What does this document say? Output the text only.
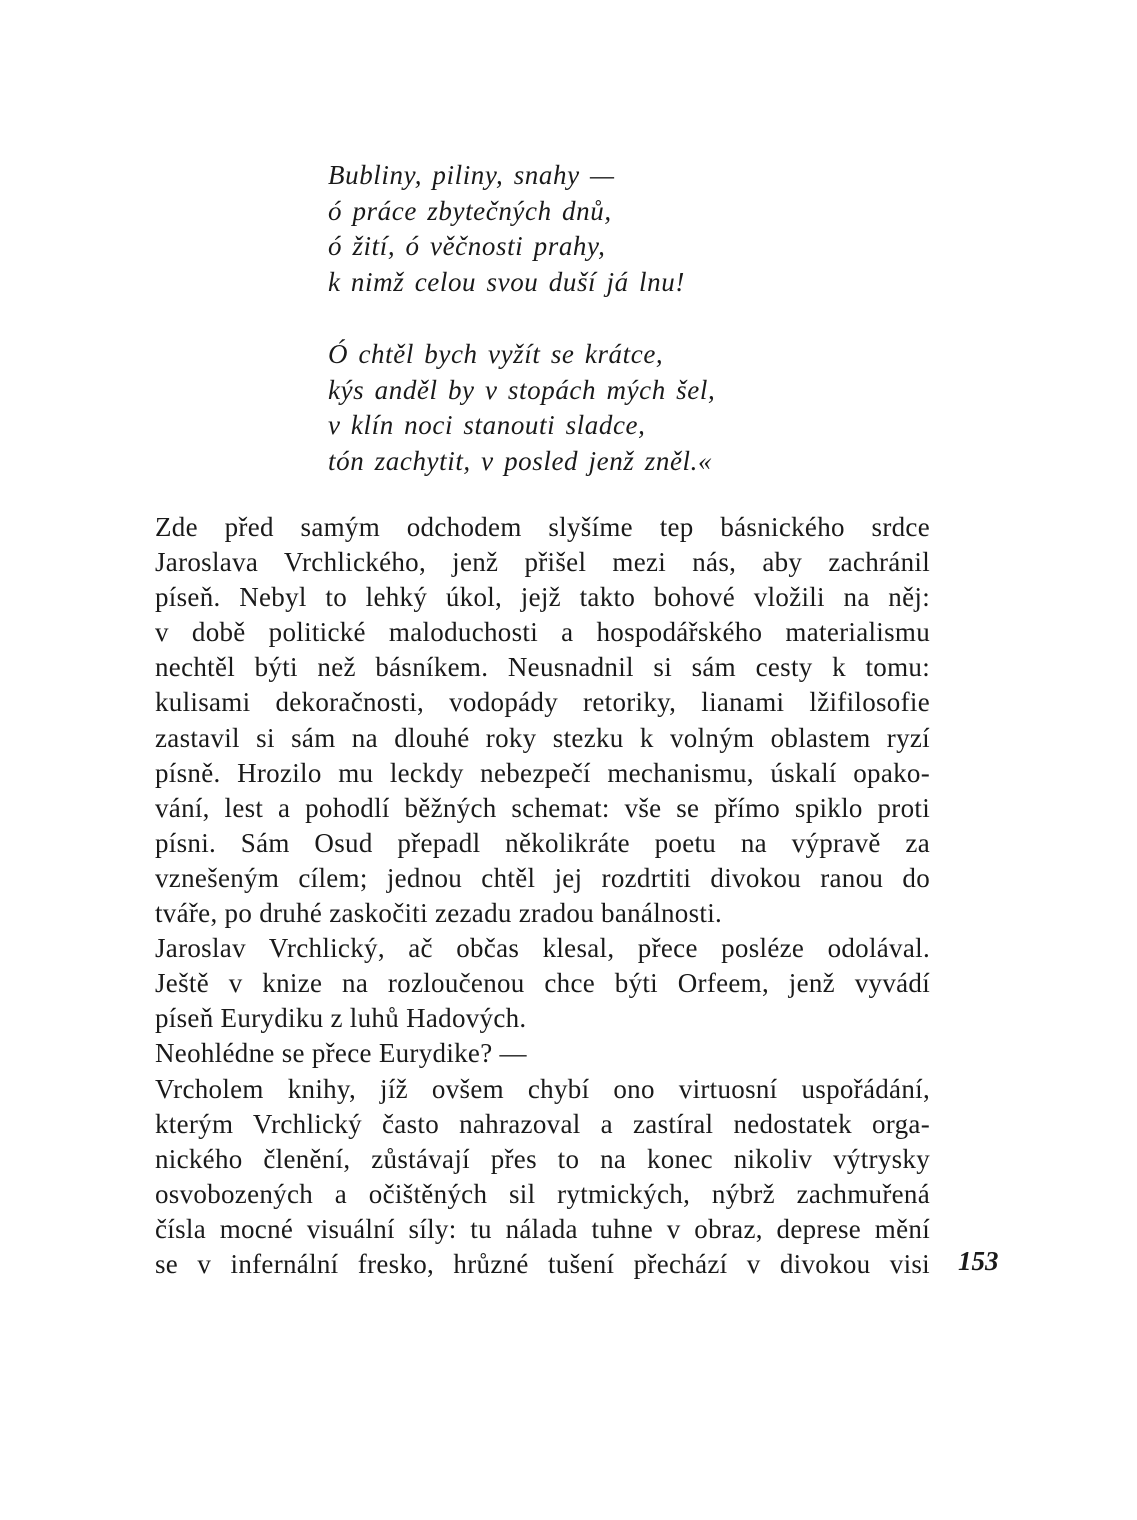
Bubliny, piliny, snahy —
ó práce zbytečných dnů,
ó žití, ó věčnosti prahy,
k nimž celou svou duší já lnu!
Ó chtěl bych vyžít se krátce,
kýs anděl by v stopách mých šel,
v klín noci stanouti sladce,
tón zachytit, v posled jenž zněl.«
Zde před samým odchodem slyšíme tep básnického srdce
Jaroslava Vrchlického, jenž přišel mezi nás, aby zachránil
píseň. Nebyl to lehký úkol, jejž takto bohové vložili na něj:
v době politické maloduchosti a hospodářského materialismu
nechtěl býti než básníkem. Neusnadnil si sám cesty k tomu:
kulisami dekoračnosti, vodopády retoriky, lianami lžifilosofie
zastavil si sám na dlouhé roky stezku k volným oblastem ryzí
písně. Hrozilo mu leckdy nebezpečí mechanismu, úskalí opako-
vání, lest a pohodlí běžných schemat: vše se přímo spiklo proti
písni. Sám Osud přepadl několikráte poetu na výpravě za
vznešeným cílem; jednou chtěl jej rozdrtiti divokou ranou do
tváře, po druhé zaskočiti zezadu zradou banálnosti.
Jaroslav Vrchlický, ač občas klesal, přece posléze odolával.
Ještě v knize na rozloučenou chce býti Orfeem, jenž vyvádí
píseň Eurydiku z luhů Hadových.
Neohlédne se přece Eurydike? —
Vrcholem knihy, jíž ovšem chybí ono virtuosní uspořádání,
kterým Vrchlický často nahrazoval a zastíral nedostatek orga-
nického členění, zůstávají přes to na konec nikoliv výtrysky
osvobozených a očištěných sil rytmických, nýbrž zachmuřená
čísla mocné visuální síly: tu nálada tuhne v obraz, deprese mění
se v infernální fresko, hrůzné tušení přechází v divokou visi 153
